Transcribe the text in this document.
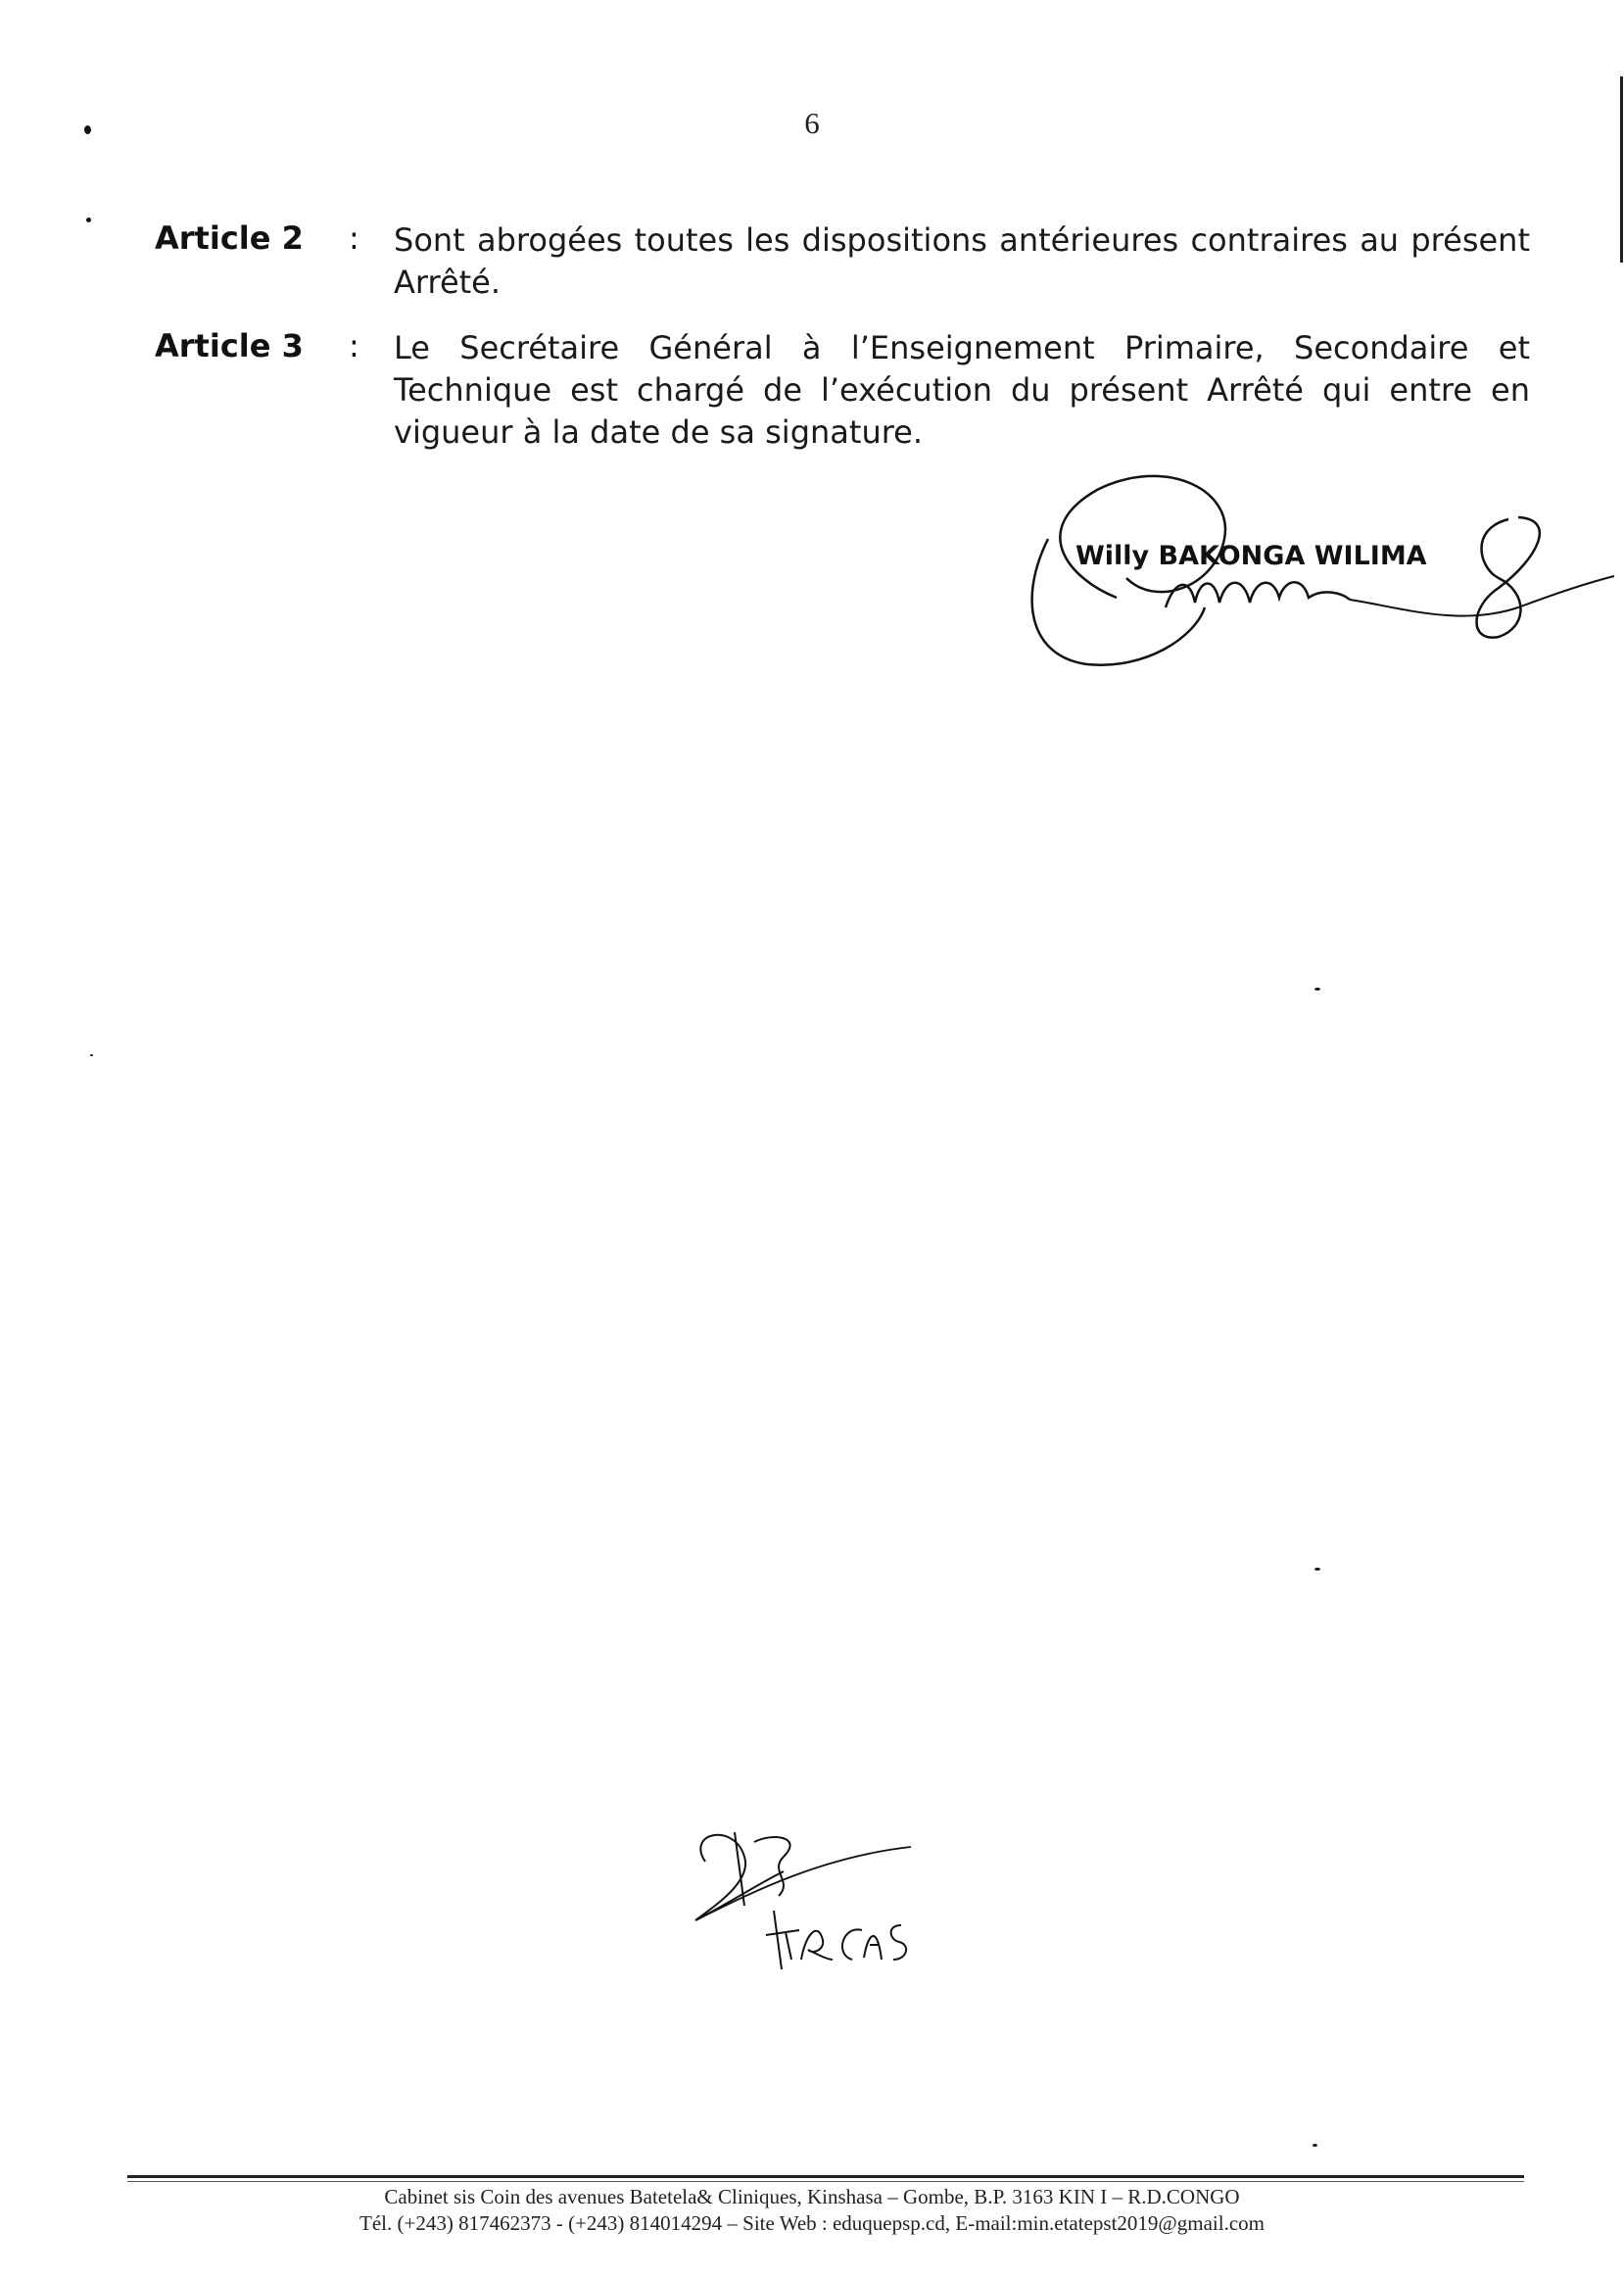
6
Article 2 : Sont abrogées toutes les dispositions antérieures contraires au présent Arrêté.
Article 3 : Le Secrétaire Général à l’Enseignement Primaire, Secondaire et Technique est chargé de l’exécution du présent Arrêté qui entre en vigueur à la date de sa signature.
Willy BAKONGA WILIMA
Cabinet sis Coin des avenues Batetela& Cliniques, Kinshasa – Gombe, B.P. 3163 KIN I – R.D.CONGO
Tél. (+243) 817462373 - (+243) 814014294 – Site Web : eduquepsp.cd, E-mail:min.etatepst2019@gmail.com
